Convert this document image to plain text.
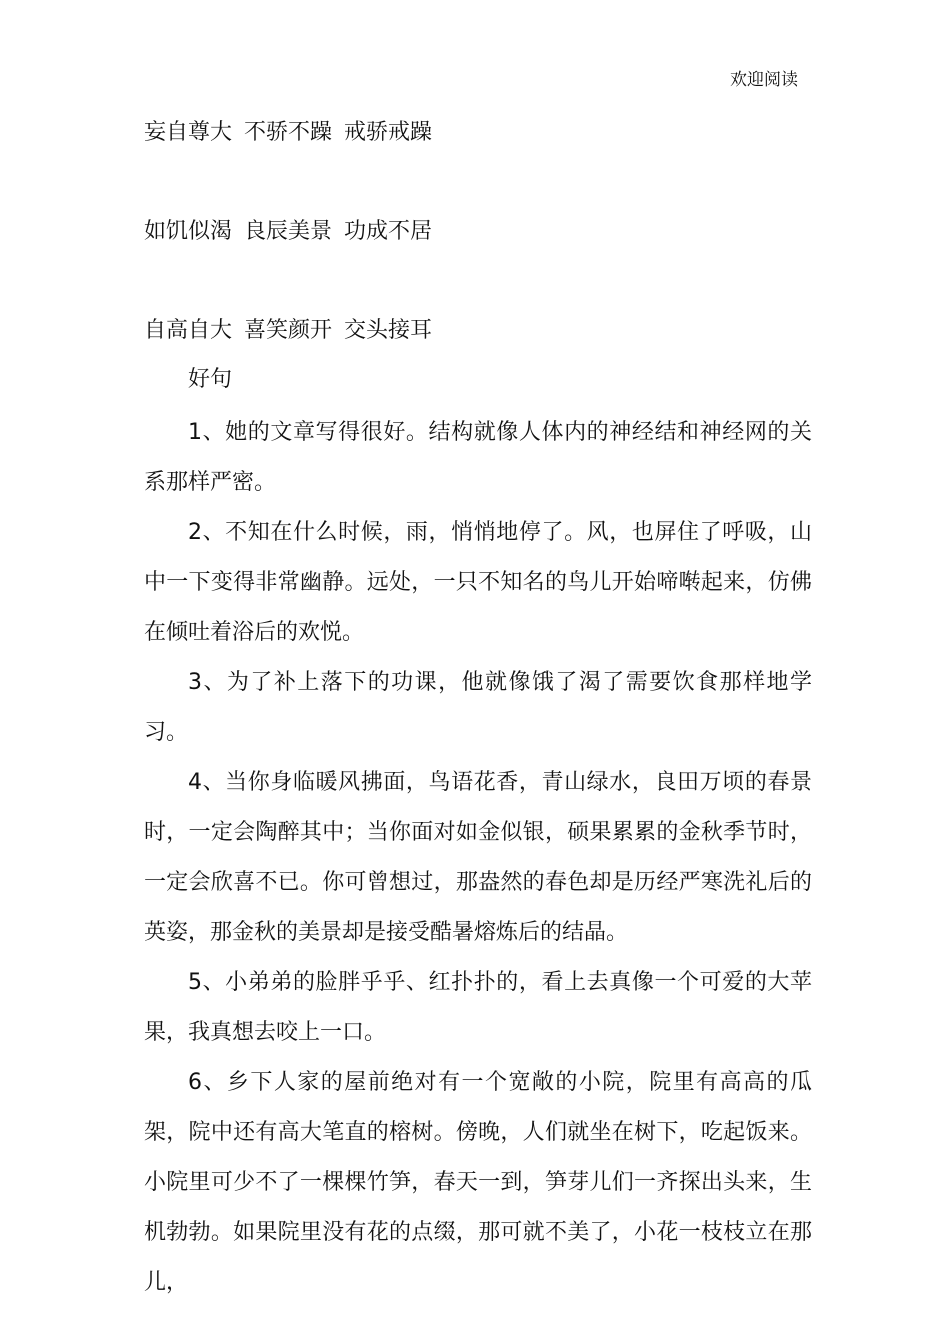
欢迎阅读
妄自尊大 不骄不躁 戒骄戒躁
如饥似渴 良辰美景 功成不居
自高自大 喜笑颜开 交头接耳
好句

1、她的文章写得很好。结构就像人体内的神经结和神经网的关系那样严密。

2、不知在什么时候，雨，悄悄地停了。风，也屏住了呼吸，山中一下变得非常幽静。远处，一只不知名的鸟儿开始啼啭起来，仿佛在倾吐着浴后的欢悦。

3、为了补上落下的功课，他就像饿了渴了需要饮食那样地学习。

4、当你身临暖风拂面，鸟语花香，青山绿水，良田万顷的春景时，一定会陶醉其中；当你面对如金似银，硕果累累的金秋季节时，一定会欣喜不已。你可曾想过，那盎然的春色却是历经严寒洗礼后的英姿，那金秋的美景却是接受酷暑熔炼后的结晶。

5、小弟弟的脸胖乎乎、红扑扑的，看上去真像一个可爱的大苹果，我真想去咬上一口。

6、乡下人家的屋前绝对有一个宽敞的小院，院里有高高的瓜架，院中还有高大笔直的榕树。傍晚，人们就坐在树下，吃起饭来。小院里可少不了一棵棵竹笋，春天一到，笋芽儿们一齐探出头来，生机勃勃。如果院里没有花的点缀，那可就不美了，小花一枝枝立在那儿，
